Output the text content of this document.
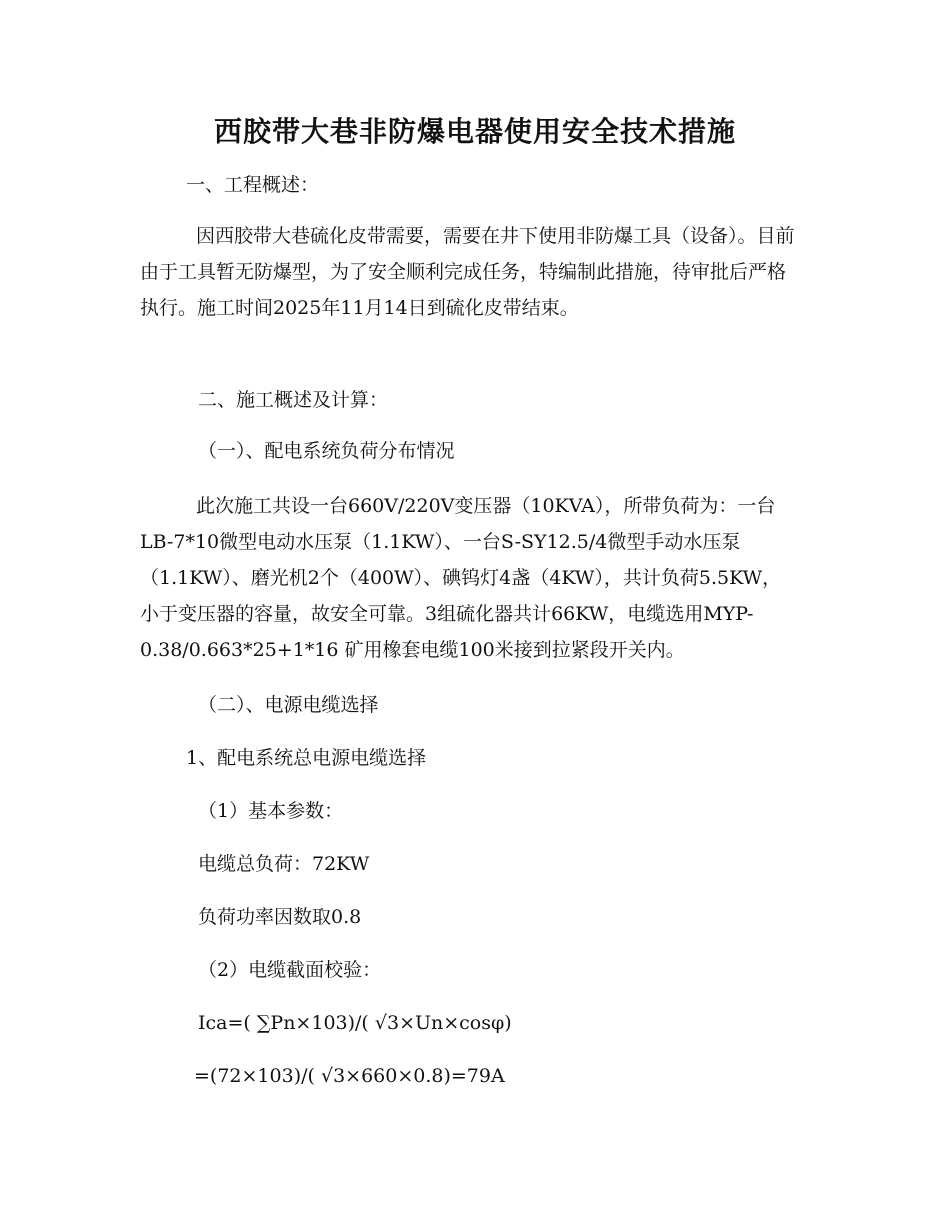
西胶带大巷非防爆电器使用安全技术措施
一、工程概述：
因西胶带大巷硫化皮带需要，需要在井下使用非防爆工具（设备）。目前由于工具暂无防爆型，为了安全顺利完成任务，特编制此措施，待审批后严格执行。施工时间2025年11月14日到硫化皮带结束。
二、施工概述及计算：
（一）、配电系统负荷分布情况
此次施工共设一台660V/220V变压器（10KVA），所带负荷为：一台LB-7*10微型电动水压泵（1.1KW）、一台S-SY12.5/4微型手动水压泵（1.1KW）、磨光机2个（400W）、碘钨灯4盏（4KW），共计负荷5.5KW，小于变压器的容量，故安全可靠。3组硫化器共计66KW，电缆选用MYP-0.38/0.663*25+1*16 矿用橡套电缆100米接到拉紧段开关内。
（二）、电源电缆选择
1、配电系统总电源电缆选择
（1）基本参数：
电缆总负荷：72KW
负荷功率因数取0.8
（2）电缆截面校验：
Ica=( ∑Pn×103)/( √3×Un×cosφ)
=(72×103)/( √3×660×0.8)=79A
